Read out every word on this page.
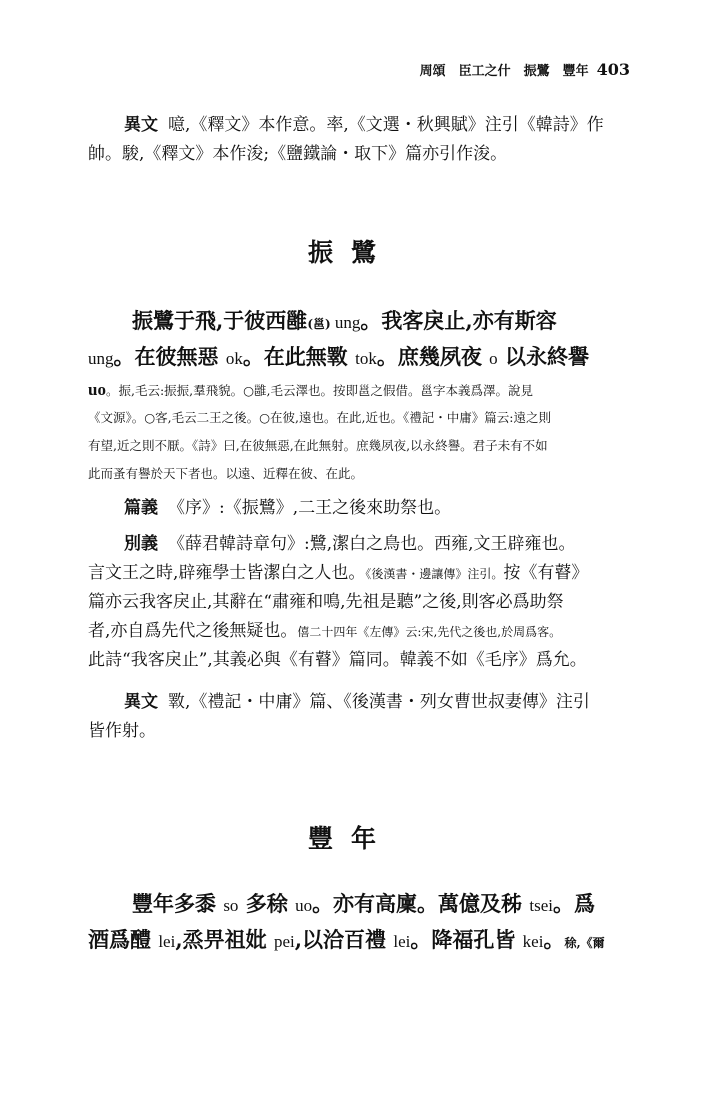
周頌　臣工之什　振鷺　豐年 403
異文 噫,《釋文》本作意。率,《文選・秋興賦》注引《韓詩》作
帥。駿,《釋文》本作浚;《鹽鐵論・取下》篇亦引作浚。
振鷺
振鷺于飛,于彼西雝(邕) ung。我客戾止,亦有斯容
ung。在彼無惡 ok。在此無斁 tok。庶幾夙夜 o 以永終譽
uo。振,毛云:振振,羣飛貌。○雝,毛云澤也。按即邕之假借。邕字本義爲澤。說見
《文源》。○客,毛云二王之後。○在彼,遠也。在此,近也。《禮記・中庸》篇云:遠之則
有望,近之則不厭。《詩》曰,在彼無惡,在此無射。庶幾夙夜,以永終譽。君子未有不如
此而蚤有譽於天下者也。以遠、近釋在彼、在此。
篇義 《序》:《振鷺》,二王之後來助祭也。
別義 《薛君韓詩章句》:鷺,潔白之鳥也。西雍,文王辟雍也。
言文王之時,辟雍學士皆潔白之人也。《後漢書・邊讓傳》注引。按《有瞽》
篇亦云我客戾止,其辭在“肅雍和鳴,先祖是聽”之後,則客必爲助祭
者,亦自爲先代之後無疑也。僖二十四年《左傳》云:宋,先代之後也,於周爲客。
此詩“我客戾止”,其義必與《有瞽》篇同。韓義不如《毛序》爲允。
異文 斁,《禮記・中庸》篇、《後漢書・列女曹世叔妻傳》注引
皆作射。
豐年
豐年多黍 so 多稌 uo。亦有高廩。萬億及秭 tsei。爲
酒爲醴 lei,烝畀祖妣 pei,以洽百禮 lei。降福孔皆 kei。稌,《爾
